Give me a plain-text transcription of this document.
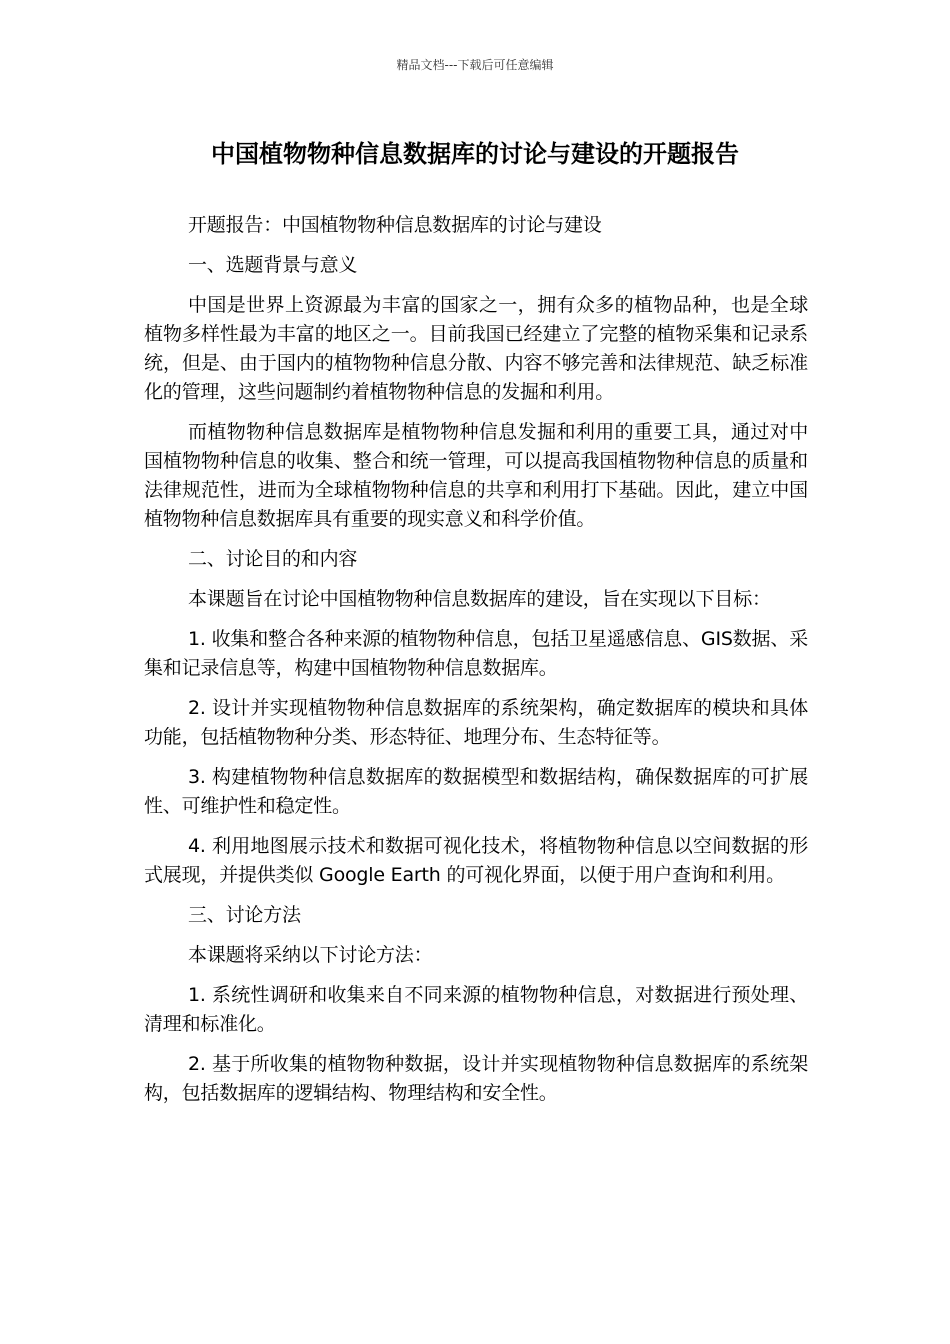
精品文档---下载后可任意编辑
中国植物物种信息数据库的讨论与建设的开题报告

开题报告：中国植物物种信息数据库的讨论与建设

一、选题背景与意义

中国是世界上资源最为丰富的国家之一，拥有众多的植物品种，也是全球植物多样性最为丰富的地区之一。目前我国已经建立了完整的植物采集和记录系统，但是、由于国内的植物物种信息分散、内容不够完善和法律规范、缺乏标准化的管理，这些问题制约着植物物种信息的发掘和利用。

而植物物种信息数据库是植物物种信息发掘和利用的重要工具，通过对中国植物物种信息的收集、整合和统一管理，可以提高我国植物物种信息的质量和法律规范性，进而为全球植物物种信息的共享和利用打下基础。因此，建立中国植物物种信息数据库具有重要的现实意义和科学价值。

二、讨论目的和内容

本课题旨在讨论中国植物物种信息数据库的建设，旨在实现以下目标：

1. 收集和整合各种来源的植物物种信息，包括卫星遥感信息、GIS数据、采集和记录信息等，构建中国植物物种信息数据库。

2. 设计并实现植物物种信息数据库的系统架构，确定数据库的模块和具体功能，包括植物物种分类、形态特征、地理分布、生态特征等。

3. 构建植物物种信息数据库的数据模型和数据结构，确保数据库的可扩展性、可维护性和稳定性。

4. 利用地图展示技术和数据可视化技术，将植物物种信息以空间数据的形式展现，并提供类似 Google Earth 的可视化界面，以便于用户查询和利用。

三、讨论方法

本课题将采纳以下讨论方法：

1. 系统性调研和收集来自不同来源的植物物种信息，对数据进行预处理、清理和标准化。

2. 基于所收集的植物物种数据，设计并实现植物物种信息数据库的系统架构，包括数据库的逻辑结构、物理结构和安全性。
